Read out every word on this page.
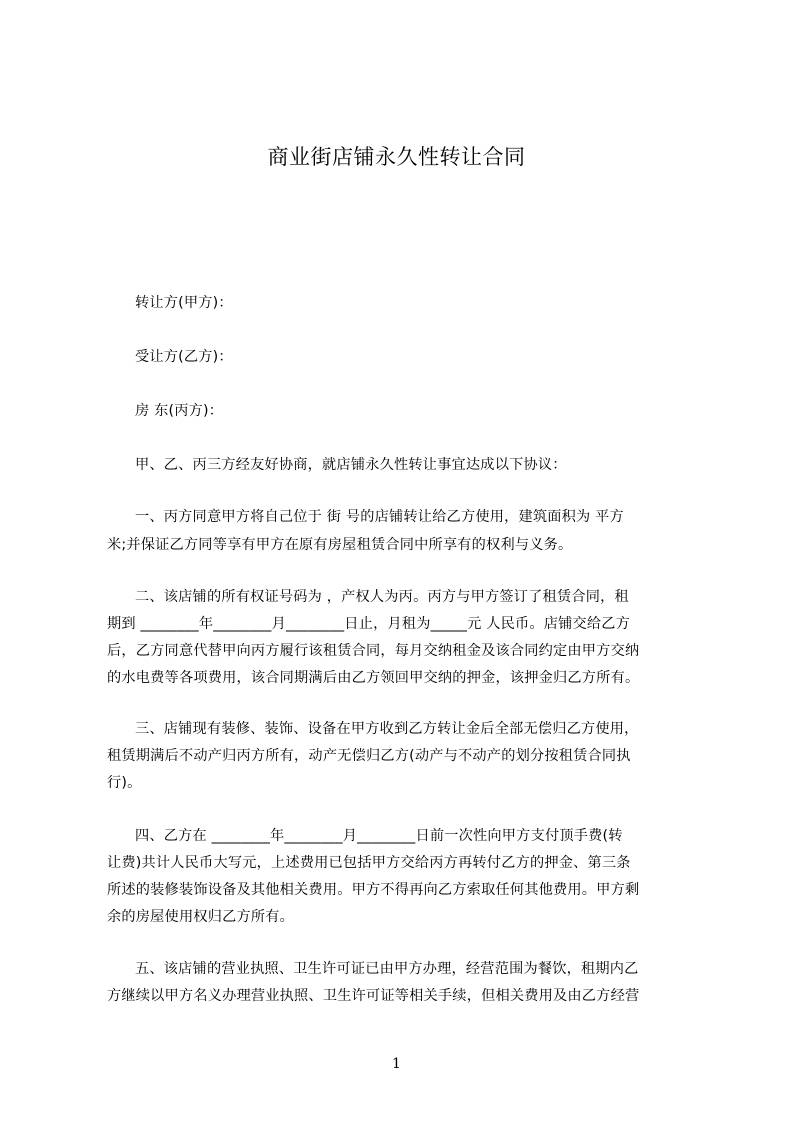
商业街店铺永久性转让合同
转让方(甲方)：
受让方(乙方)：
房 东(丙方)：
甲、乙、丙三方经友好协商，就店铺永久性转让事宜达成以下协议：
一、丙方同意甲方将自己位于 街 号的店铺转让给乙方使用，建筑面积为 平方
米;并保证乙方同等享有甲方在原有房屋租赁合同中所享有的权利与义务。
二、该店铺的所有权证号码为 ，产权人为丙。丙方与甲方签订了租赁合同，租
期到 ________年________月________日止，月租为_____元 人民币。店铺交给乙方
后，乙方同意代替甲向丙方履行该租赁合同，每月交纳租金及该合同约定由甲方交纳
的水电费等各项费用，该合同期满后由乙方领回甲交纳的押金，该押金归乙方所有。
三、店铺现有装修、装饰、设备在甲方收到乙方转让金后全部无偿归乙方使用，
租赁期满后不动产归丙方所有，动产无偿归乙方(动产与不动产的划分按租赁合同执
行)。
四、乙方在 ________年________月________日前一次性向甲方支付顶手费(转
让费)共计人民币大写元，上述费用已包括甲方交给丙方再转付乙方的押金、第三条
所述的装修装饰设备及其他相关费用。甲方不得再向乙方索取任何其他费用。甲方剩
余的房屋使用权归乙方所有。
五、该店铺的营业执照、卫生许可证已由甲方办理，经营范围为餐饮，租期内乙
方继续以甲方名义办理营业执照、卫生许可证等相关手续，但相关费用及由乙方经营
1
